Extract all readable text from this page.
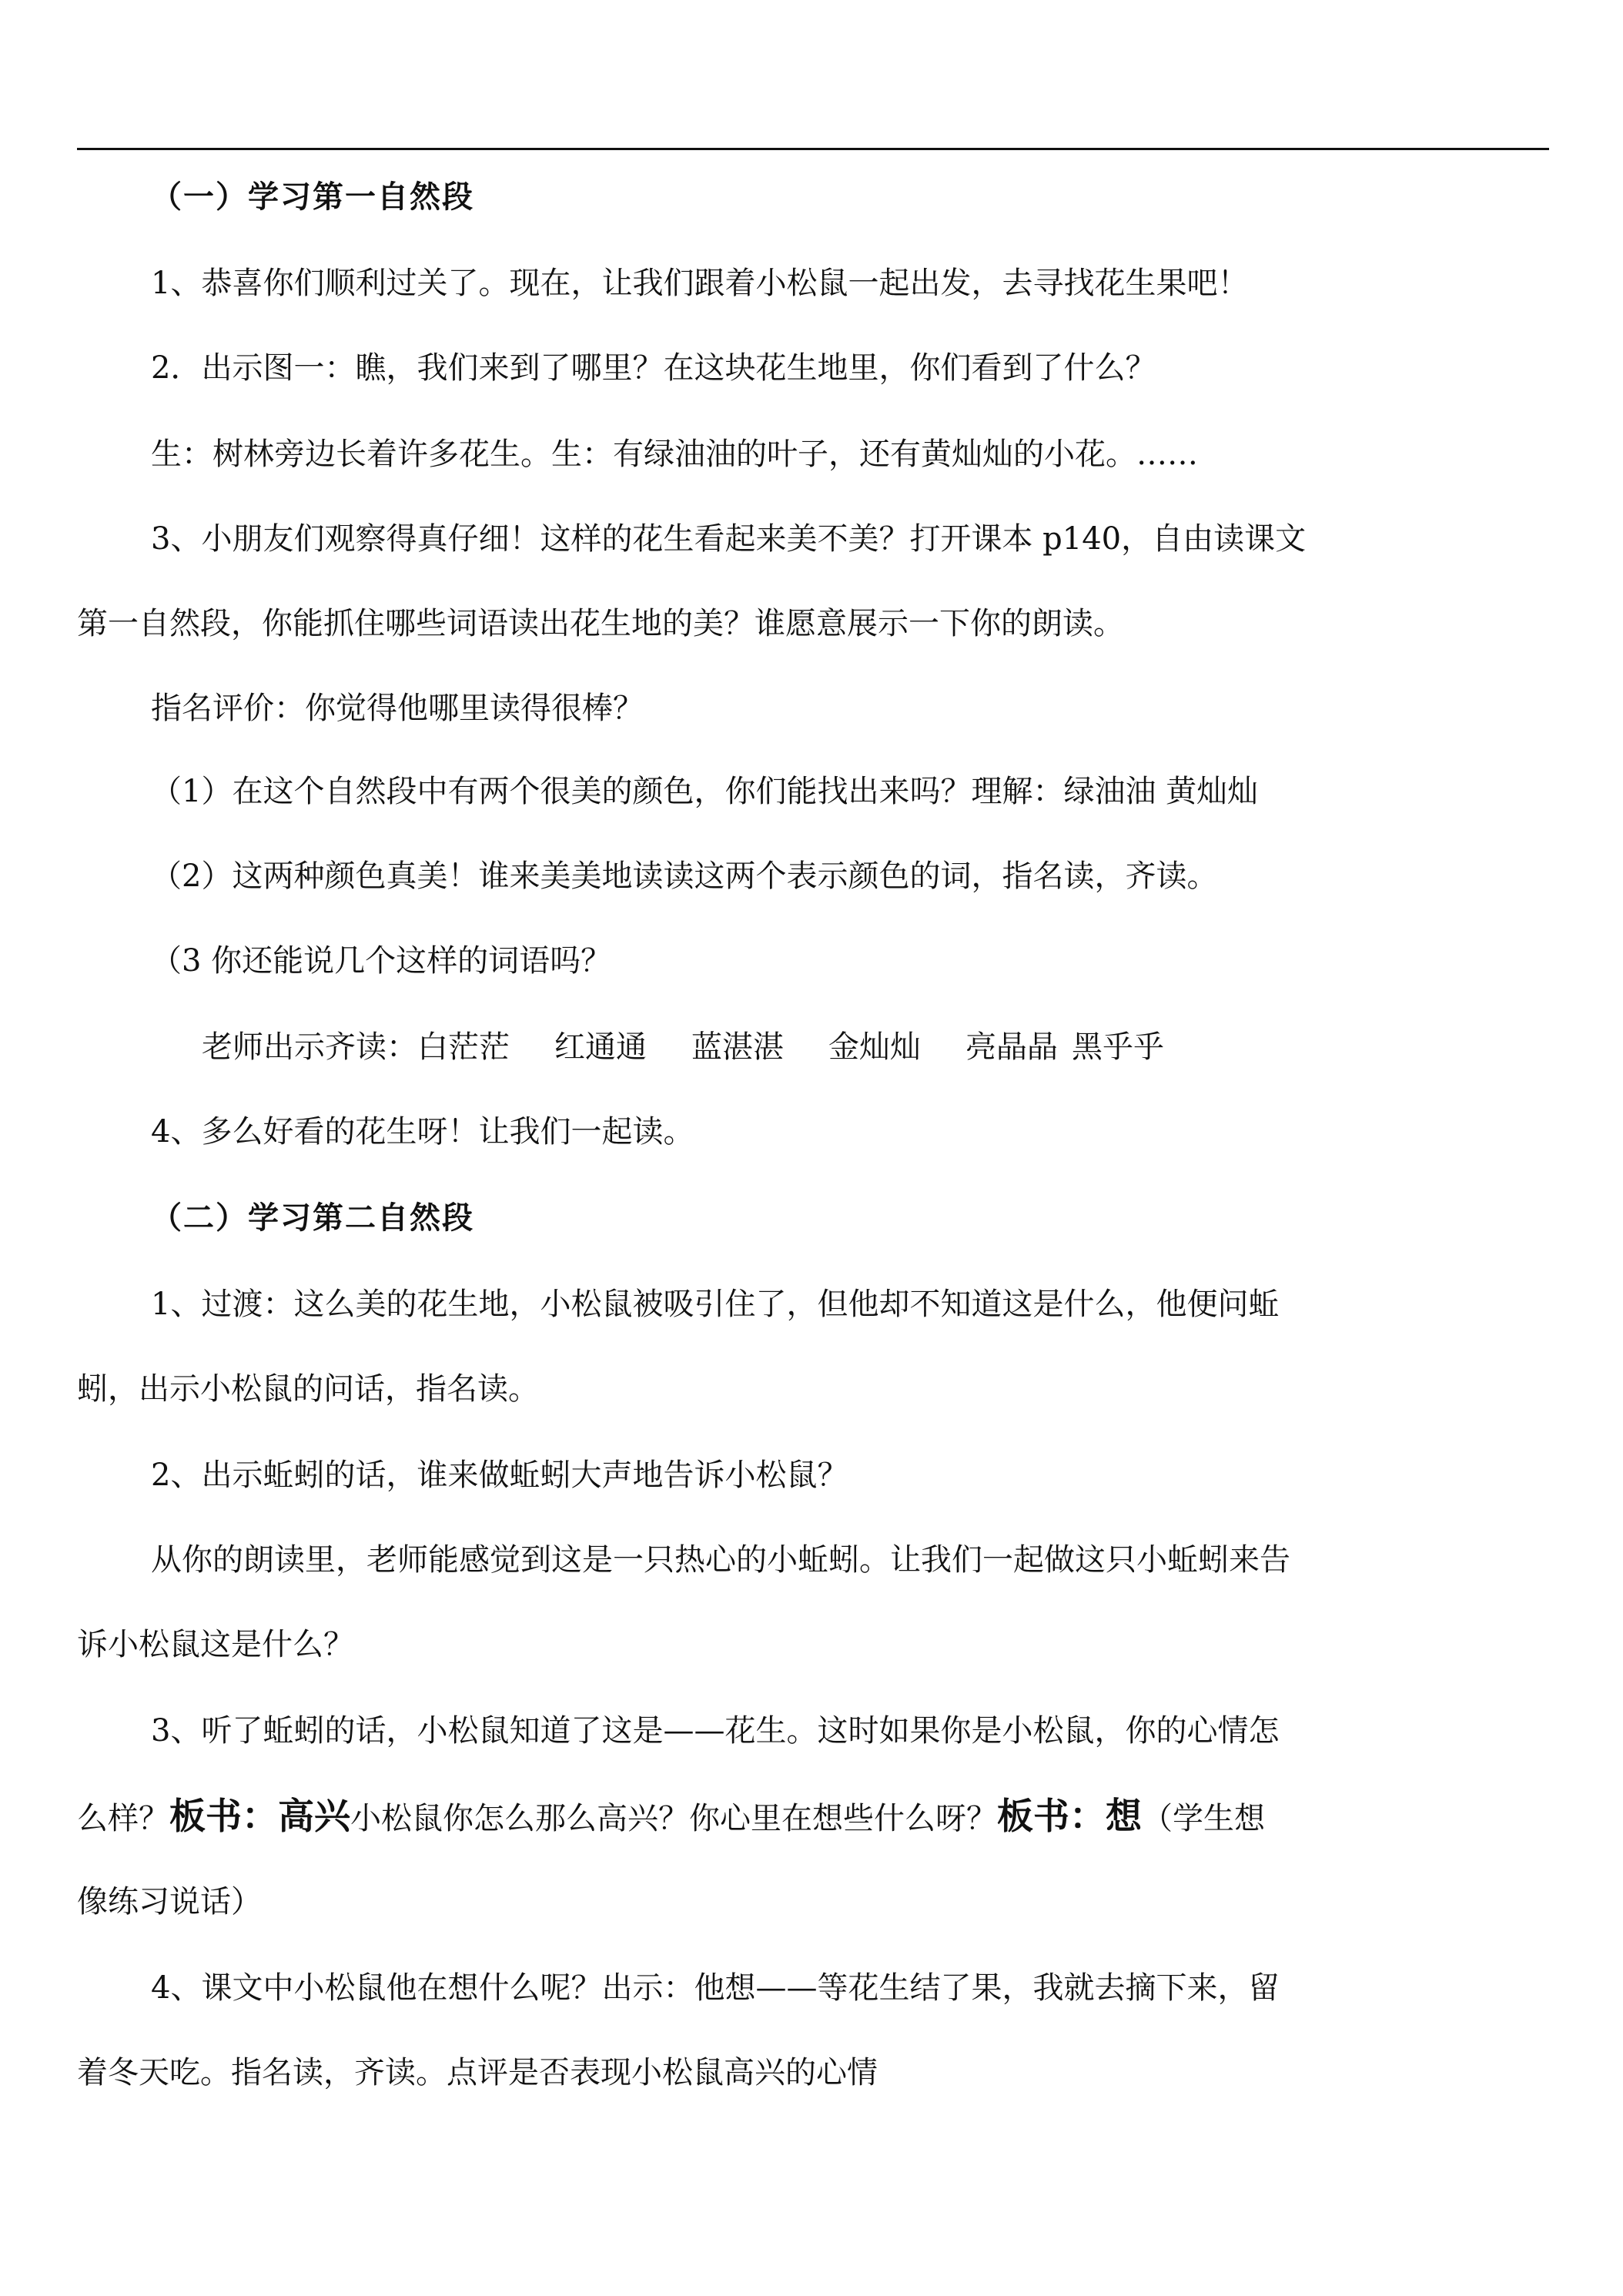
（一）学习第一自然段
1、恭喜你们顺利过关了。现在，让我们跟着小松鼠一起出发，去寻找花生果吧！
2．出示图一：瞧，我们来到了哪里？在这块花生地里，你们看到了什么？
生：树林旁边长着许多花生。生：有绿油油的叶子，还有黄灿灿的小花。……
3、小朋友们观察得真仔细！这样的花生看起来美不美？打开课本 p140，自由读课文
第一自然段，你能抓住哪些词语读出花生地的美？谁愿意展示一下你的朗读。
指名评价：你觉得他哪里读得很棒？
（1）在这个自然段中有两个很美的颜色，你们能找出来吗？理解：绿油油 黄灿灿
（2）这两种颜色真美！谁来美美地读读这两个表示颜色的词，指名读，齐读。
（3 你还能说几个这样的词语吗？
老师出示齐读：白茫茫 红通通 蓝湛湛 金灿灿 亮晶晶 黑乎乎
4、多么好看的花生呀！让我们一起读。
（二）学习第二自然段
1、过渡：这么美的花生地，小松鼠被吸引住了，但他却不知道这是什么，他便问蚯
蚓，出示小松鼠的问话，指名读。
2、出示蚯蚓的话，谁来做蚯蚓大声地告诉小松鼠？
从你的朗读里，老师能感觉到这是一只热心的小蚯蚓。让我们一起做这只小蚯蚓来告
诉小松鼠这是什么？
3、听了蚯蚓的话，小松鼠知道了这是——花生。这时如果你是小松鼠，你的心情怎
么样？板书：高兴小松鼠你怎么那么高兴？你心里在想些什么呀？板书：想（学生想
像练习说话）
4、课文中小松鼠他在想什么呢？出示：他想——等花生结了果，我就去摘下来，留
着冬天吃。指名读，齐读。点评是否表现小松鼠高兴的心情
